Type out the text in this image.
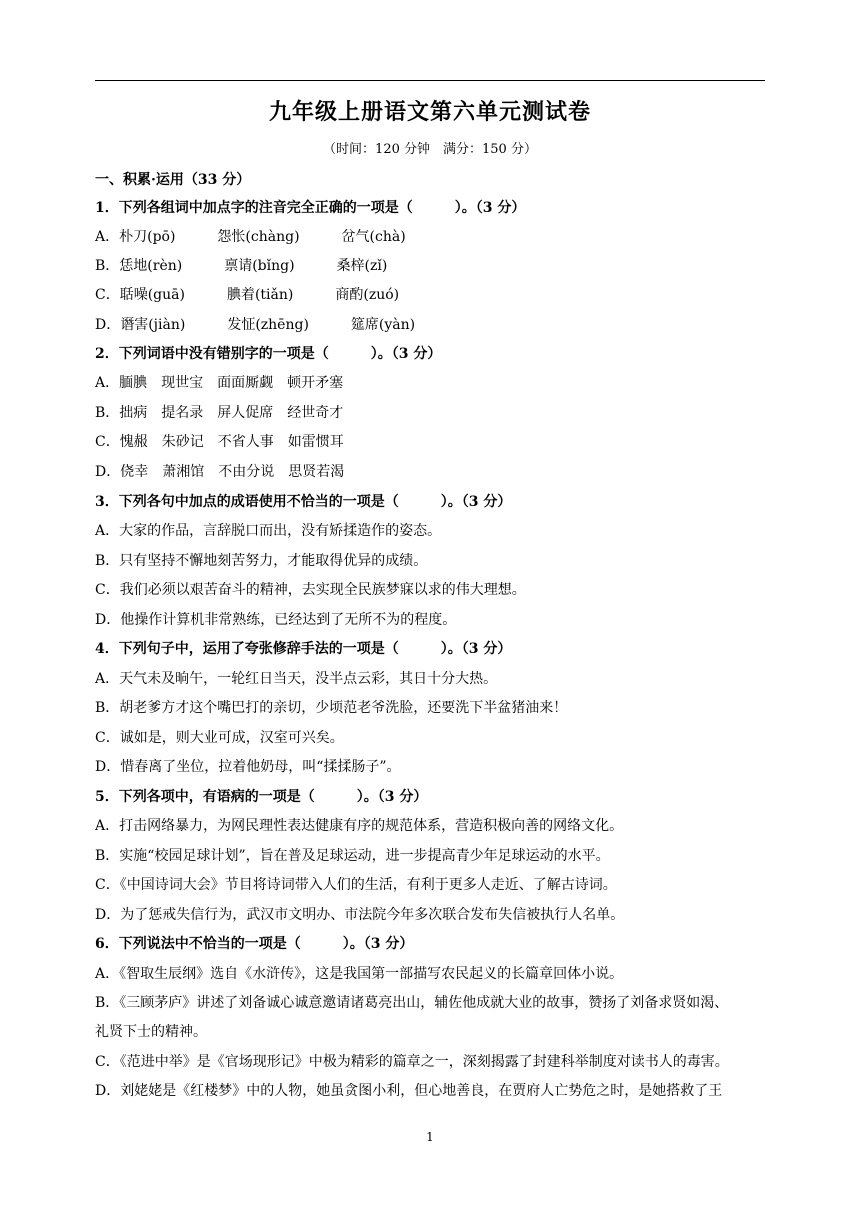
九年级上册语文第六单元测试卷
（时间：120 分钟　满分：150 分）
一、积累·运用（33 分）
1．下列各组词中加点字的注音完全正确的一项是（　　　）。（3 分）
A．朴刀(pō)　　　怨怅(chàng)　　　岔气(chà)
B．恁地(rèn)　　　禀请(bǐng)　　　桑梓(zǐ)
C．聒噪(guā)　　　腆着(tiǎn)　　　商酌(zuó)
D．谮害(jiàn)　　　发怔(zhēng)　　　筵席(yàn)
2．下列词语中没有错别字的一项是（　　　）。（3 分）
A．腼腆　现世宝　面面厮觑　顿开矛塞
B．拙病　提名录　屏人促席　经世奇才
C．愧赧　朱砂记　不省人事　如雷惯耳
D．侥幸　萧湘馆　不由分说　思贤若渴
3．下列各句中加点的成语使用不恰当的一项是（　　　）。（3 分）
A．大家的作品，言辞脱口而出，没有矫揉造作的姿态。
B．只有坚持不懈地刻苦努力，才能取得优异的成绩。
C．我们必须以艰苦奋斗的精神，去实现全民族梦寐以求的伟大理想。
D．他操作计算机非常熟练，已经达到了无所不为的程度。
4．下列句子中，运用了夸张修辞手法的一项是（　　　）。（3 分）
A．天气未及晌午，一轮红日当天，没半点云彩，其日十分大热。
B．胡老爹方才这个嘴巴打的亲切，少顷范老爷洗脸，还要洗下半盆猪油来！
C．诚如是，则大业可成，汉室可兴矣。
D．惜春离了坐位，拉着他奶母，叫“揉揉肠子”。
5．下列各项中，有语病的一项是（　　　）。（3 分）
A．打击网络暴力，为网民理性表达健康有序的规范体系，营造积极向善的网络文化。
B．实施“校园足球计划”，旨在普及足球运动，进一步提高青少年足球运动的水平。
C．《中国诗词大会》节目将诗词带入人们的生活，有利于更多人走近、了解古诗词。
D．为了惩戒失信行为，武汉市文明办、市法院今年多次联合发布失信被执行人名单。
6．下列说法中不恰当的一项是（　　　）。（3 分）
A．《智取生辰纲》选自《水浒传》，这是我国第一部描写农民起义的长篇章回体小说。
B．《三顾茅庐》讲述了刘备诚心诚意邀请诸葛亮出山，辅佐他成就大业的故事，赞扬了刘备求贤如渴、
礼贤下士的精神。
C．《范进中举》是《官场现形记》中极为精彩的篇章之一，深刻揭露了封建科举制度对读书人的毒害。
D．刘姥姥是《红楼梦》中的人物，她虽贪图小利，但心地善良，在贾府人亡势危之时，是她搭救了王
1
